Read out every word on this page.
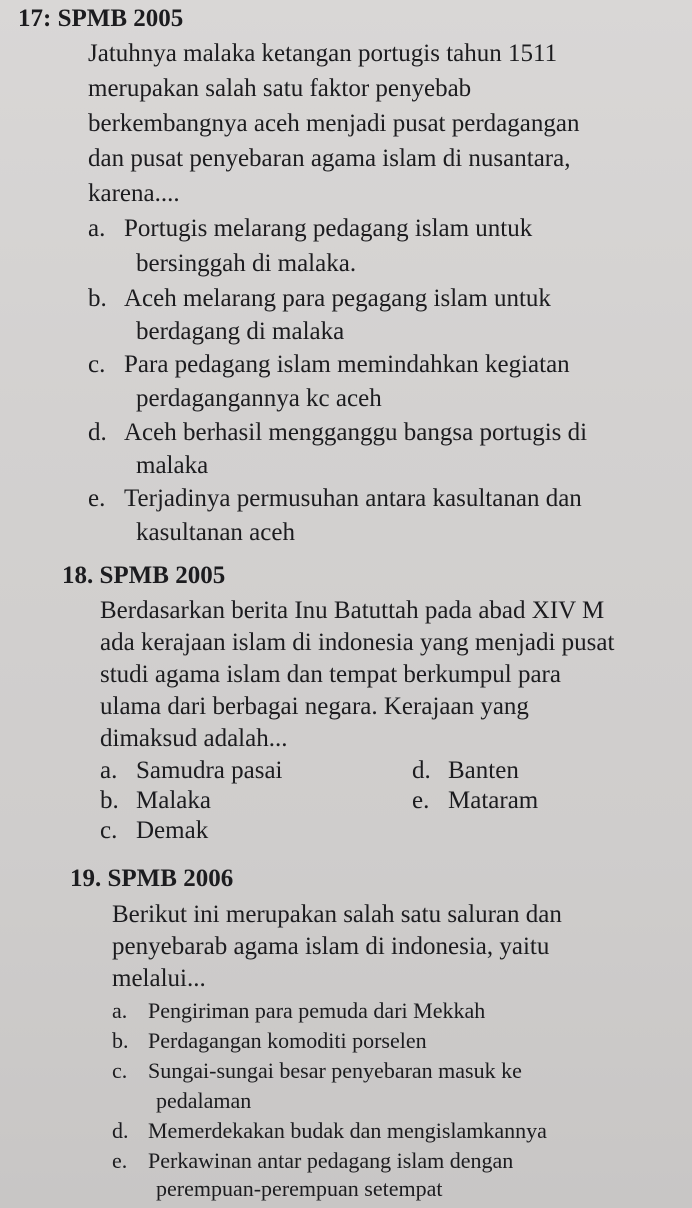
17: SPMB 2005
Jatuhnya malaka ketangan portugis tahun 1511
merupakan salah satu faktor penyebab
berkembangnya aceh menjadi pusat perdagangan
dan pusat penyebaran agama islam di nusantara,
karena....
a. Portugis melarang pedagang islam untuk
bersinggah di malaka.
b. Aceh melarang para pegagang islam untuk
berdagang di malaka
c. Para pedagang islam memindahkan kegiatan
perdagangannya kc aceh
d. Aceh berhasil mengganggu bangsa portugis di
malaka
e. Terjadinya permusuhan antara kasultanan dan
kasultanan aceh
18. SPMB 2005
Berdasarkan berita Inu Batuttah pada abad XIV M
ada kerajaan islam di indonesia yang menjadi pusat
studi agama islam dan tempat berkumpul para
ulama dari berbagai negara. Kerajaan yang
dimaksud adalah...
a. Samudra pasai
b. Malaka
c. Demak
d. Banten
e. Mataram
19. SPMB 2006
Berikut ini merupakan salah satu saluran dan
penyebarab agama islam di indonesia, yaitu
melalui...
a. Pengiriman para pemuda dari Mekkah
b. Perdagangan komoditi porselen
c. Sungai-sungai besar penyebaran masuk ke
pedalaman
d. Memerdekakan budak dan mengislamkannya
e. Perkawinan antar pedagang islam dengan
perempuan-perempuan setempat
